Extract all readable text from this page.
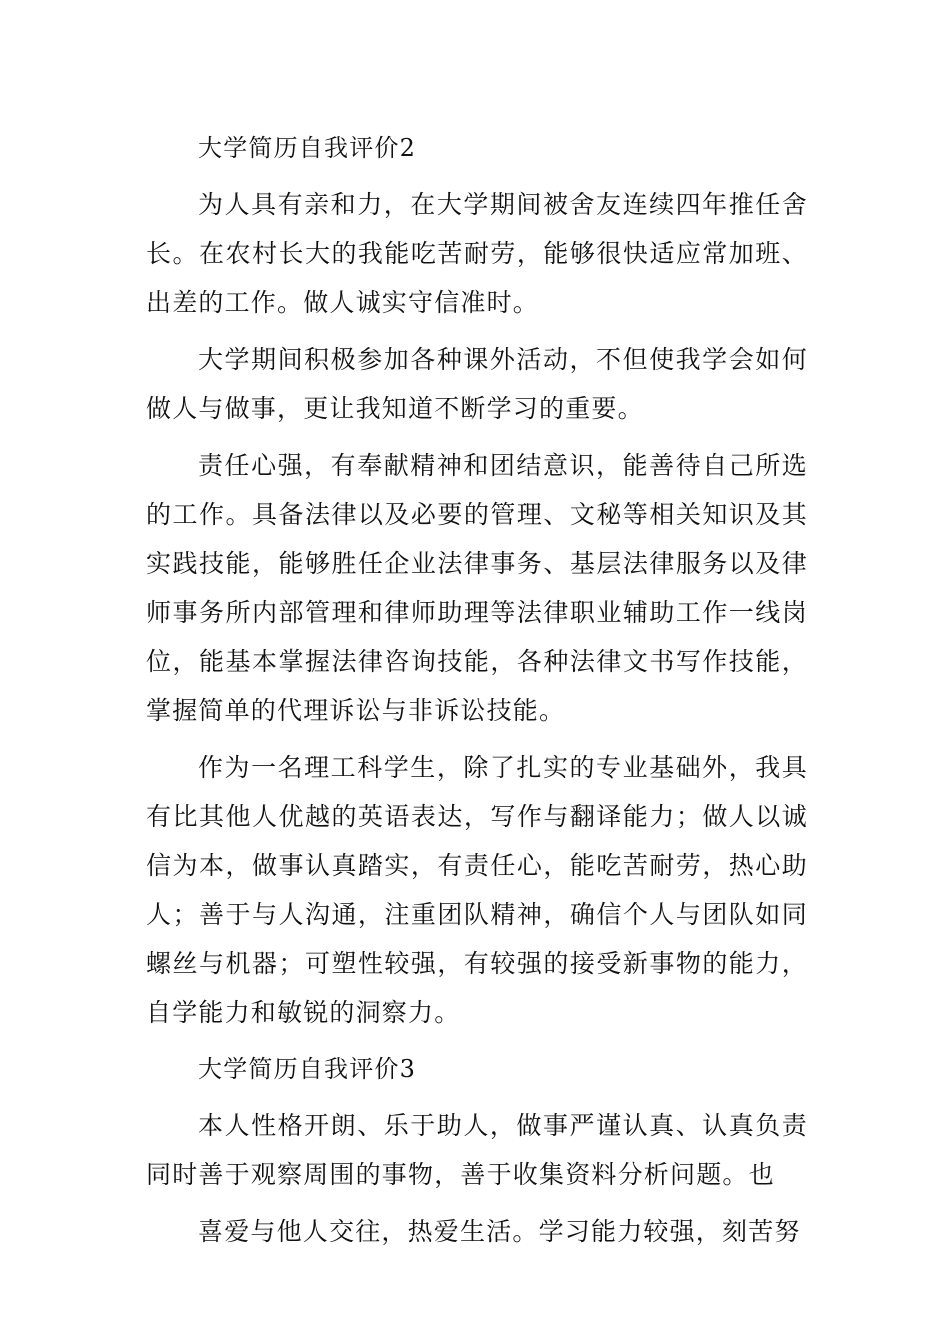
大学简历自我评价2

为人具有亲和力，在大学期间被舍友连续四年推任舍长。在农村长大的我能吃苦耐劳，能够很快适应常加班、出差的工作。做人诚实守信准时。

大学期间积极参加各种课外活动，不但使我学会如何做人与做事，更让我知道不断学习的重要。

责任心强，有奉献精神和团结意识，能善待自己所选的工作。具备法律以及必要的管理、文秘等相关知识及其实践技能，能够胜任企业法律事务、基层法律服务以及律师事务所内部管理和律师助理等法律职业辅助工作一线岗位，能基本掌握法律咨询技能，各种法律文书写作技能，掌握简单的代理诉讼与非诉讼技能。

作为一名理工科学生，除了扎实的专业基础外，我具有比其他人优越的英语表达，写作与翻译能力；做人以诚信为本，做事认真踏实，有责任心，能吃苦耐劳，热心助人；善于与人沟通，注重团队精神，确信个人与团队如同螺丝与机器；可塑性较强，有较强的接受新事物的能力，自学能力和敏锐的洞察力。

大学简历自我评价3

本人性格开朗、乐于助人，做事严谨认真、认真负责同时善于观察周围的事物，善于收集资料分析问题。也

喜爱与他人交往，热爱生活。学习能力较强，刻苦努
